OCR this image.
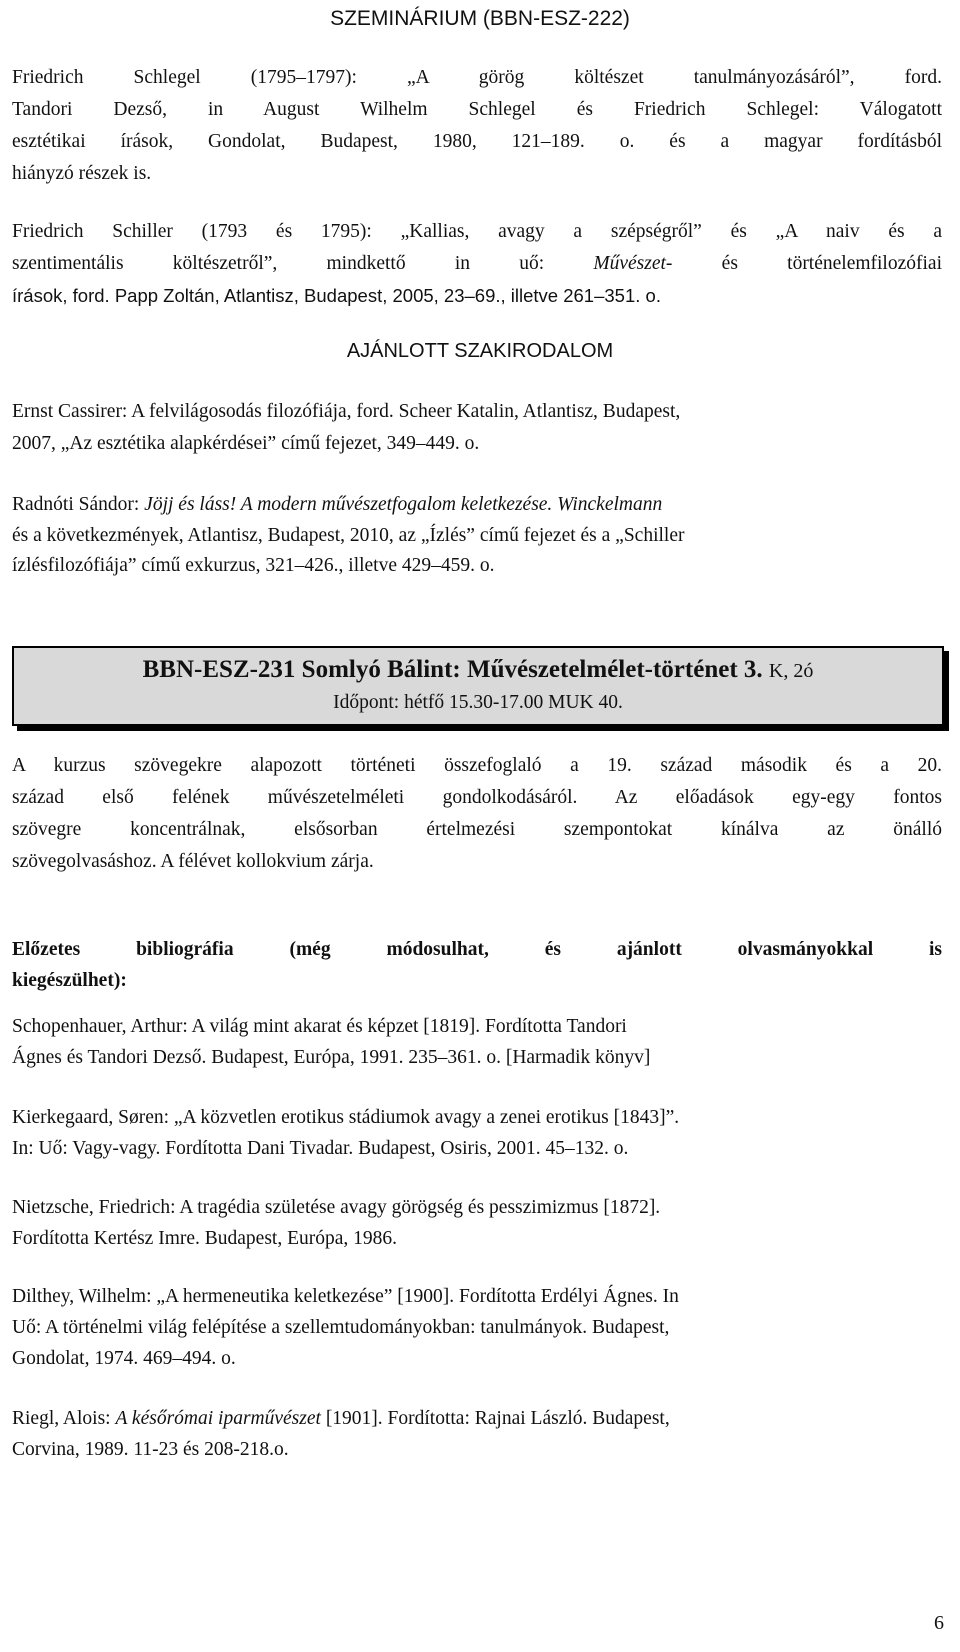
SZEMINÁRIUM (BBN-ESZ-222)
Friedrich Schlegel (1795–1797): „A görög költészet tanulmányozásáról”, ford.
Tandori Dezső, in August Wilhelm Schlegel és Friedrich Schlegel: Válogatott
esztétikai írások, Gondolat, Budapest, 1980, 121–189. o. és a magyar fordításból
hiányzó részek is.
Friedrich Schiller (1793 és 1795): „Kallias, avagy a szépségről” és „A naiv és a
szentimentális költészetről”, mindkettő in uő: Művészet- és történelemfilozófiai
írások, ford. Papp Zoltán, Atlantisz, Budapest, 2005, 23–69., illetve 261–351. o.
AJÁNLOTT SZAKIRODALOM
Ernst Cassirer: A felvilágosodás filozófiája, ford. Scheer Katalin, Atlantisz, Budapest,
2007, „Az esztétika alapkérdései” című fejezet, 349–449. o.
Radnóti Sándor: Jöjj és láss! A modern művészetfogalom keletkezése. Winckelmann
és a következmények, Atlantisz, Budapest, 2010, az „Ízlés” című fejezet és a „Schiller
ízlésfilozófiája” című exkurzus, 321–426., illetve 429–459. o.
BBN-ESZ-231 Somlyó Bálint: Művészetelmélet-történet 3. K, 2ó
Időpont: hétfő 15.30-17.00 MUK 40.
A kurzus szövegekre alapozott történeti összefoglaló a 19. század második és a 20.
század első felének művészetelméleti gondolkodásáról. Az előadások egy-egy fontos
szövegre koncentrálnak, elsősorban értelmezési szempontokat kínálva az önálló
szövegolvasáshoz. A félévet kollokvium zárja.
Előzetes bibliográfia (még módosulhat, és ajánlott olvasmányokkal is
kiegészülhet):
Schopenhauer, Arthur: A világ mint akarat és képzet [1819]. Fordította Tandori
Ágnes és Tandori Dezső. Budapest, Európa, 1991. 235–361. o. [Harmadik könyv]
Kierkegaard, Søren: „A közvetlen erotikus stádiumok avagy a zenei erotikus [1843]”.
In: Uő: Vagy-vagy. Fordította Dani Tivadar. Budapest, Osiris, 2001. 45–132. o.
Nietzsche, Friedrich: A tragédia születése avagy görögség és pesszimizmus [1872].
Fordította Kertész Imre. Budapest, Európa, 1986.
Dilthey, Wilhelm: „A hermeneutika keletkezése” [1900]. Fordította Erdélyi Ágnes. In
Uő: A történelmi világ felépítése a szellemtudományokban: tanulmányok. Budapest,
Gondolat, 1974. 469–494. o.
Riegl, Alois: A későrómai iparművészet [1901]. Fordította: Rajnai László. Budapest,
Corvina, 1989. 11-23 és 208-218.o.
6
